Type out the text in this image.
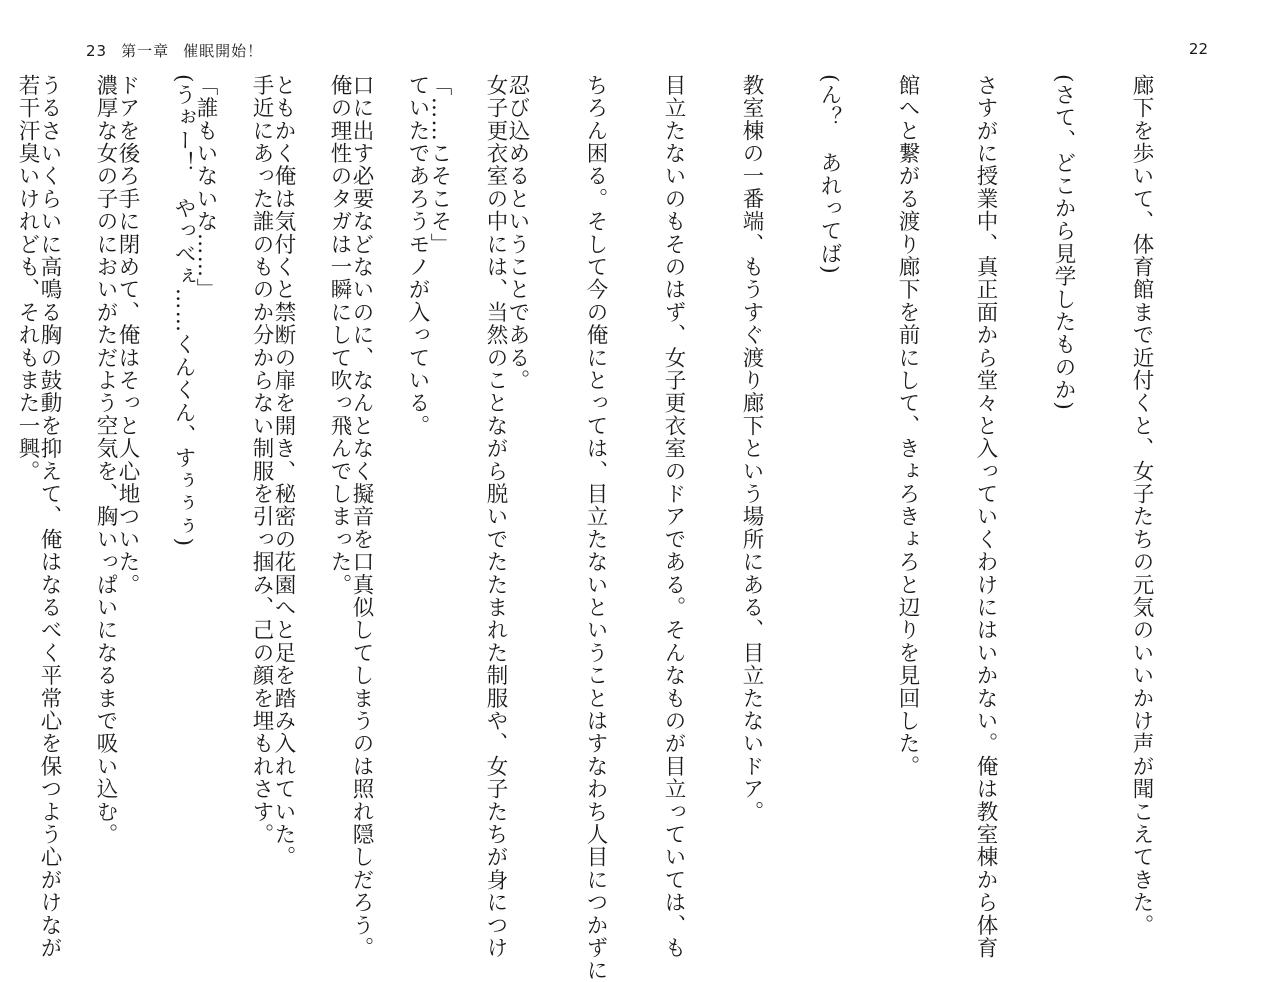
23 第一章 催眠開始！

女子更衣室の中には、当然のことながら脱いでたたまれた制服や、女子たちが身につけ

ていたであろうモノが入っている。

俺の理性のタガは一瞬にして吹っ飛んでしまった。

手近にあった誰のものか分からない制服を引っ掴み、己の顔を埋もれさす。

(うぉー！　やっべぇ……くんくん、すぅぅぅ)

濃厚な女の子のにおいがただよう空気を、胸いっぱいになるまで吸い込む。

若干汗臭いけれども、それもまた一興。

22

廊下を歩いて、体育館まで近付くと、女子たちの元気のいいかけ声が聞こえてきた。

(さて、どこから見学したものか)

さすがに授業中、真正面から堂々と入っていくわけにはいかない。俺は教室棟から体育

館へと繋がる渡り廊下を前にして、きょろきょろと辺りを見回した。

(ん？　あれってば)

教室棟の一番端、もうすぐ渡り廊下という場所にある、目立たないドア。

目立たないのもそのはず、女子更衣室のドアである。そんなものが目立っていては、も

ちろん困る。そして今の俺にとっては、目立たないということはすなわち人目につかずに

忍び込めるということである。

「……こそこそ」

口に出す必要などないのに、なんとなく擬音を口真似してしまうのは照れ隠しだろう。

ともかく俺は気付くと禁断の扉を開き、秘密の花園へと足を踏み入れていた。

「誰もいないな……」

ドアを後ろ手に閉めて、俺はそっと人心地ついた。

うるさいくらいに高鳴る胸の鼓動を抑えて、俺はなるべく平常心を保つよう心がけなが
